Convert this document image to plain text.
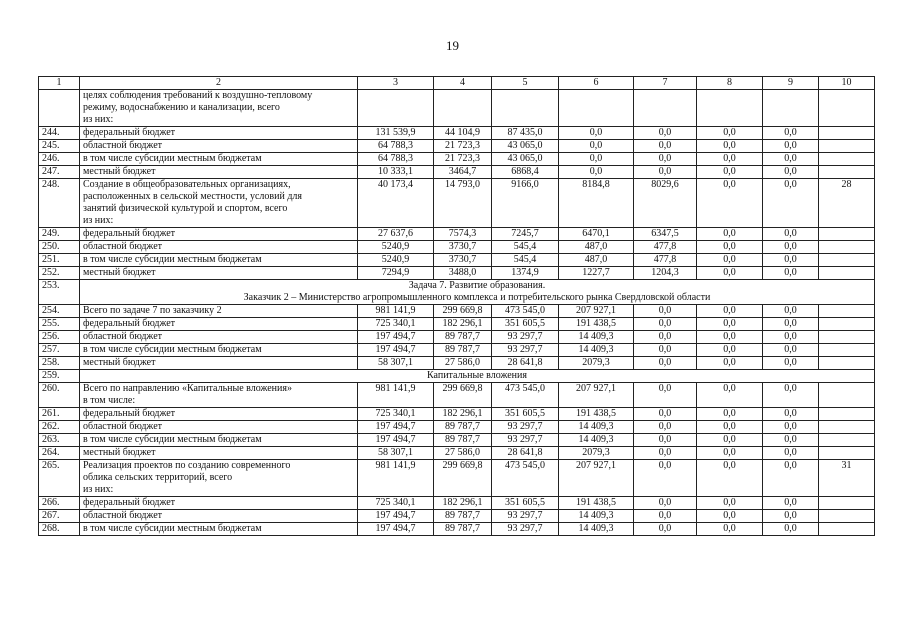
19
1	2	3	4	5	6	7	8	9	10

	целях соблюдения требований к воздушно-тепловому
режиму, водоснабжению и канализации, всего
из них:								

244.	федеральный бюджет	131 539,9	44 104,9	87 435,0	0,0	0,0	0,0	0,0	
245.	областной бюджет	64 788,3	21 723,3	43 065,0	0,0	0,0	0,0	0,0	
246.	в том числе субсидии местным бюджетам	64 788,3	21 723,3	43 065,0	0,0	0,0	0,0	0,0	
247.	местный бюджет	10 333,1	3464,7	6868,4	0,0	0,0	0,0	0,0	
248.	Создание в общеобразовательных организациях,
расположенных в сельской местности, условий для
занятий физической культурой и спортом, всего
из них:	40 173,4	14 793,0	9166,0	8184,8	8029,6	0,0	0,0	28
249.	федеральный бюджет	27 637,6	7574,3	7245,7	6470,1	6347,5	0,0	0,0	
250.	областной бюджет	5240,9	3730,7	545,4	487,0	477,8	0,0	0,0	
251.	в том числе субсидии местным бюджетам	5240,9	3730,7	545,4	487,0	477,8	0,0	0,0	
252.	местный бюджет	7294,9	3488,0	1374,9	1227,7	1204,3	0,0	0,0	
253.	Задача 7. Развитие образования.
Заказчик 2 – Министерство агропромышленного комплекса и потребительского рынка Свердловской области								

254.	Всего по задаче 7 по заказчику 2	981 141,9	299 669,8	473 545,0	207 927,1	0,0	0,0	0,0	
255.	федеральный бюджет	725 340,1	182 296,1	351 605,5	191 438,5	0,0	0,0	0,0	
256.	областной бюджет	197 494,7	89 787,7	93 297,7	14 409,3	0,0	0,0	0,0	
257.	в том числе субсидии местным бюджетам	197 494,7	89 787,7	93 297,7	14 409,3	0,0	0,0	0,0	
258.	местный бюджет	58 307,1	27 586,0	28 641,8	2079,3	0,0	0,0	0,0	
259.	Капитальные вложения								

260.	Всего по направлению «Капитальные вложения»
в том числе:	981 141,9	299 669,8	473 545,0	207 927,1	0,0	0,0	0,0	
261.	федеральный бюджет	725 340,1	182 296,1	351 605,5	191 438,5	0,0	0,0	0,0	
262.	областной бюджет	197 494,7	89 787,7	93 297,7	14 409,3	0,0	0,0	0,0	
263.	в том числе субсидии местным бюджетам	197 494,7	89 787,7	93 297,7	14 409,3	0,0	0,0	0,0	
264.	местный бюджет	58 307,1	27 586,0	28 641,8	2079,3	0,0	0,0	0,0	
265.	Реализация проектов по созданию современного
облика сельских территорий, всего
из них:	981 141,9	299 669,8	473 545,0	207 927,1	0,0	0,0	0,0	31
266.	федеральный бюджет	725 340,1	182 296,1	351 605,5	191 438,5	0,0	0,0	0,0	
267.	областной бюджет	197 494,7	89 787,7	93 297,7	14 409,3	0,0	0,0	0,0	
268.	в том числе субсидии местным бюджетам	197 494,7	89 787,7	93 297,7	14 409,3	0,0	0,0	0,0	
